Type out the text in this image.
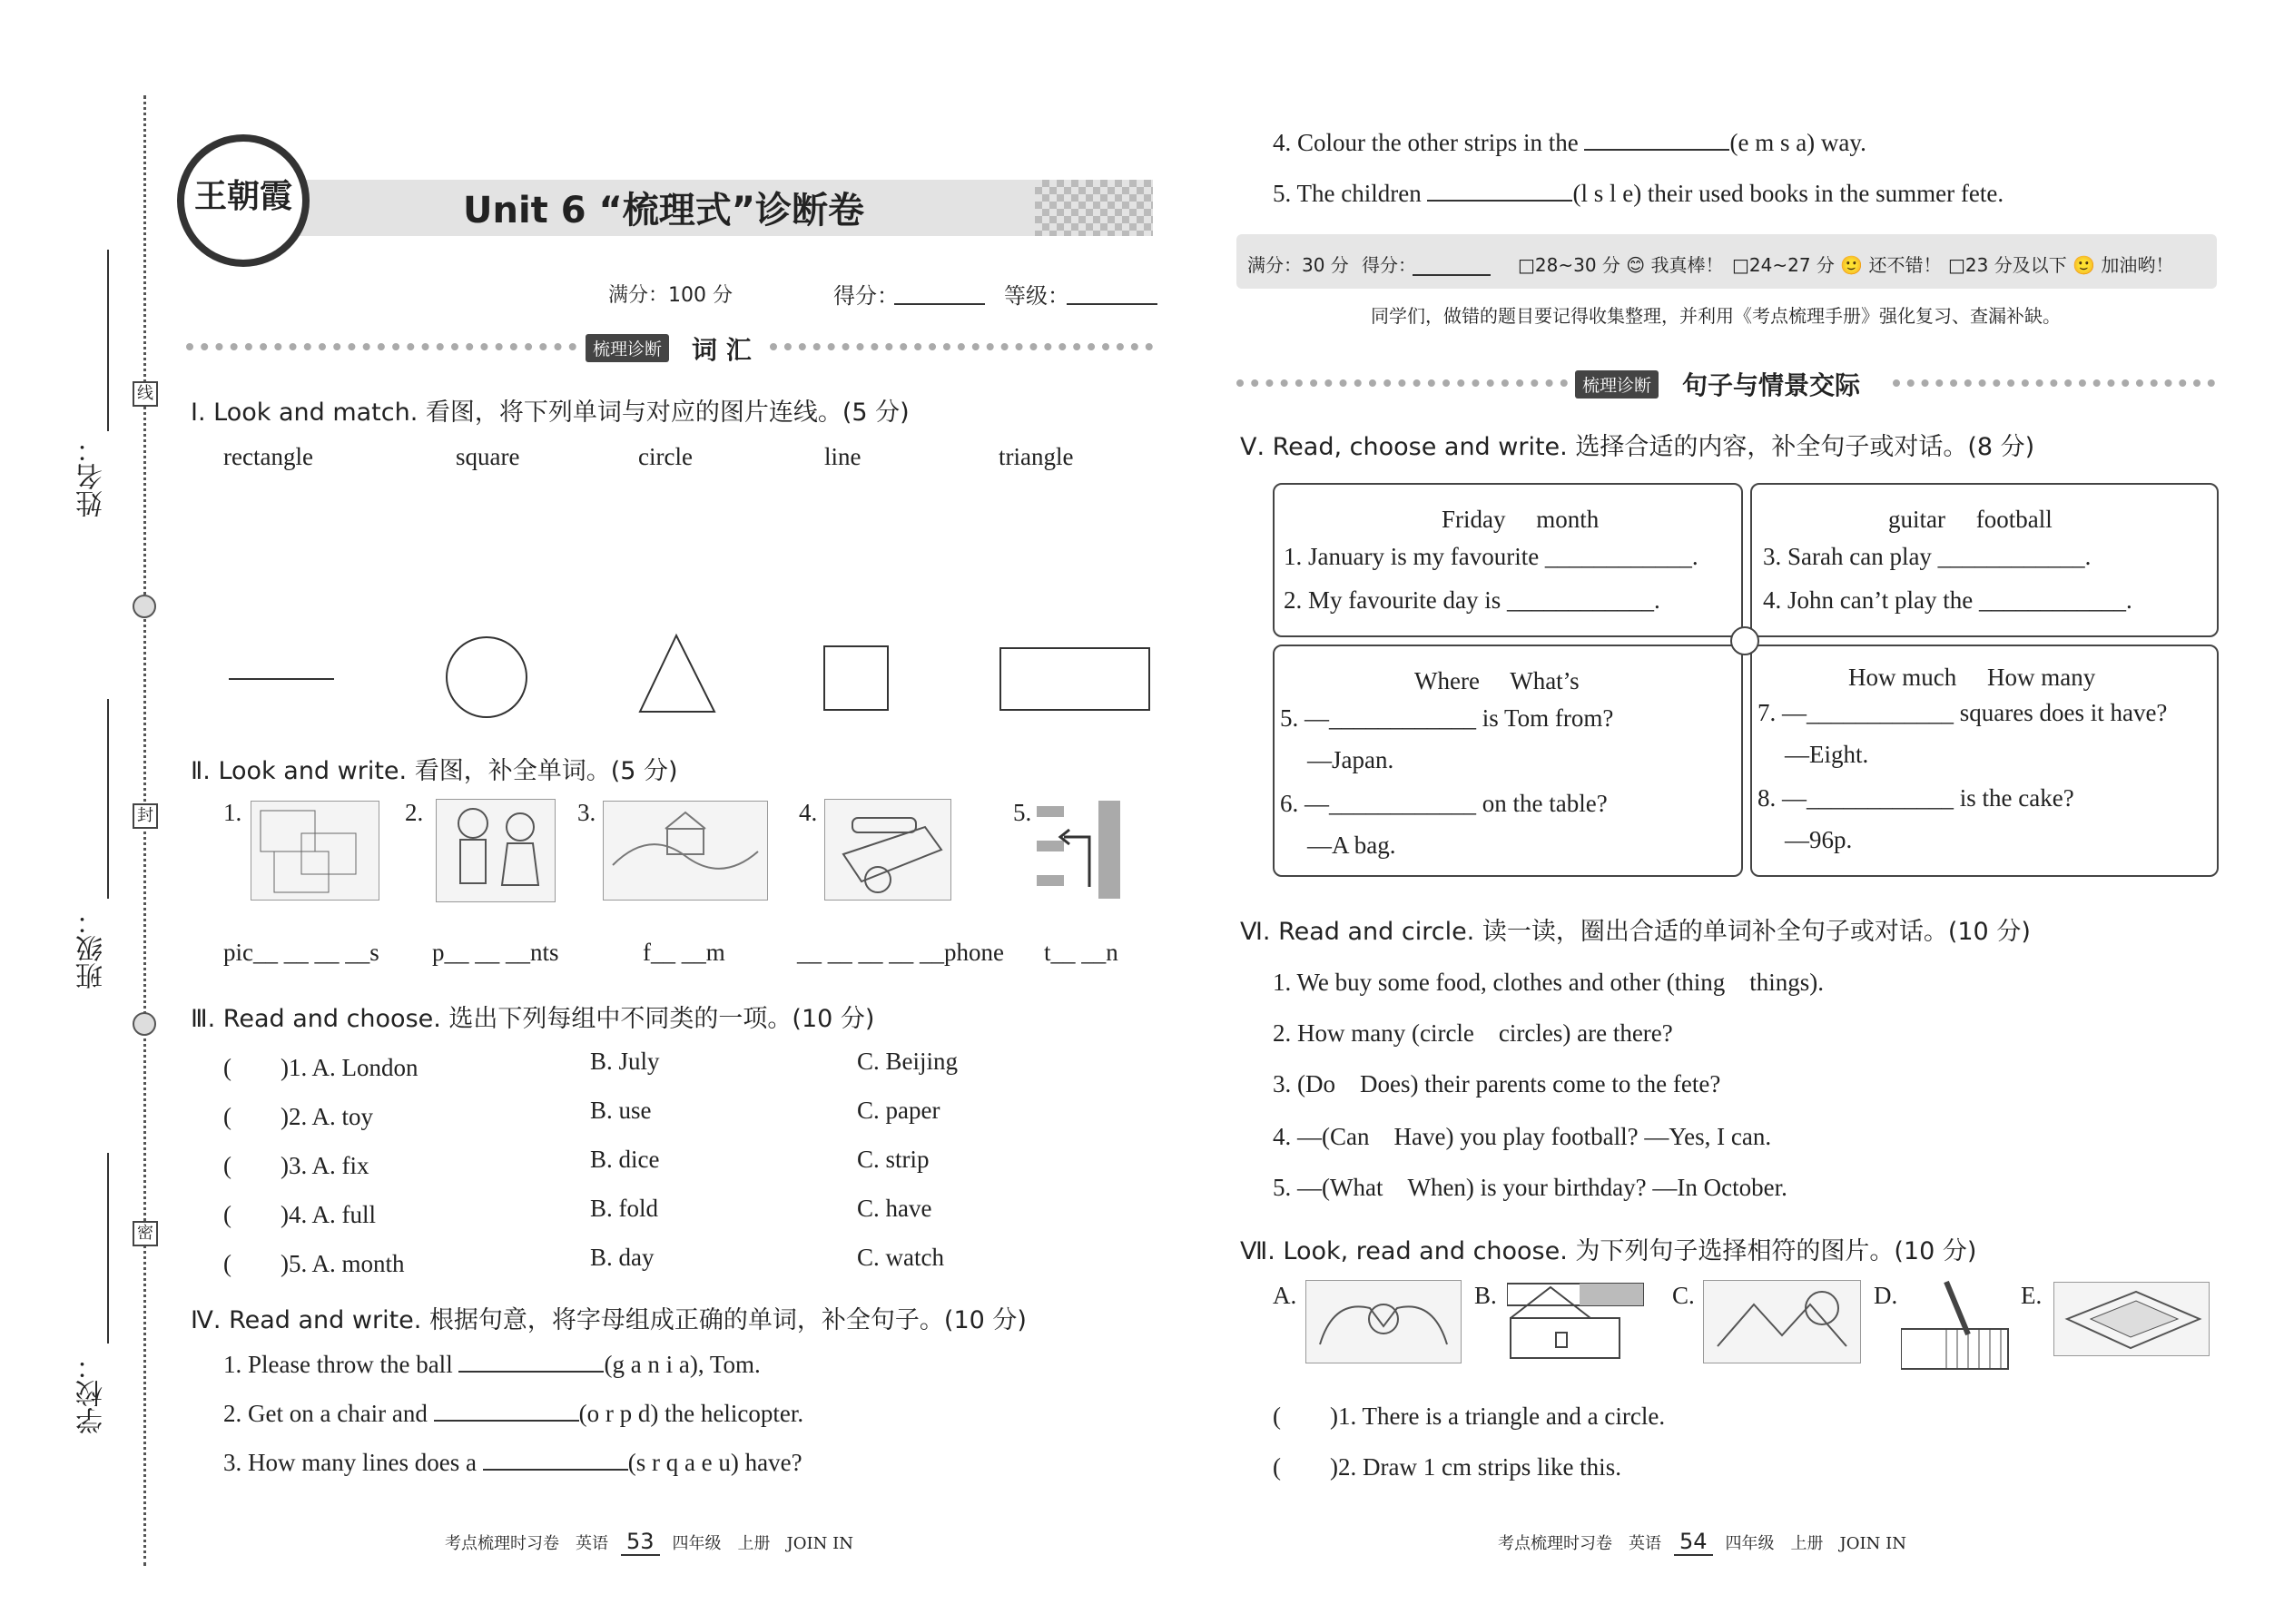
线
封
密
姓名：
班级：
学校：
王朝霞	Unit 6 “梳理式”诊断卷
满分：100 分	得分：	等级：
梳理诊断 词 汇
Ⅰ. Look and match. 看图，将下列单词与对应的图片连线。(5 分)
rectangle	square	circle	line	triangle
Ⅱ. Look and write. 看图，补全单词。(5 分)
1.	2.	3.	4.	5.
pic__ __ __ __s p__ __ __nts	f__ __m	__ __ __ __ __phone t__ __n
Ⅲ. Read and choose. 选出下列每组中不同类的一项。(10 分)
(　　)1. A. London	B. July	C. Beijing
(　　)2. A. toy	B. use	C. paper
(　　)3. A. fix	B. dice	C. strip
(　　)4. A. full	B. fold	C. have
(　　)5. A. month	B. day	C. watch
Ⅳ. Read and write. 根据句意，将字母组成正确的单词，补全句子。(10 分)
1. Please throw the ball	(g a n i a), Tom.
2. Get on a chair and	(o r p d) the helicopter.
3. How many lines does a	(s r q a e u) have?
考点梳理时习卷　英语 53 四年级　上册　JOIN IN
4. Colour the other strips in the	(e m s a) way.
5. The children	(l s l e) their used books in the summer fete.
满分：30 分 得分：	□28~30 分 😊 我真棒！ □24~27 分 🙂 还不错！ □23 分及以下 🙂 加油哟！
同学们，做错的题目要记得收集整理，并利用《考点梳理手册》强化复习、查漏补缺。
梳理诊断 句子与情景交际
Ⅴ. Read, choose and write. 选择合适的内容，补全句子或对话。(8 分)
Friday　 month
1. January is my favourite ____________.
2. My favourite day is ____________.
guitar　 football
3. Sarah can play ____________.
4. John can’t play the ____________.
Where　 What’s
5. —____________ is Tom from?
—Japan.
6. —____________ on the table?
—A bag.
How much　 How many
7. —____________ squares does it have?
—Eight.
8. —____________ is the cake?
—96p.
Ⅵ. Read and circle. 读一读，圈出合适的单词补全句子或对话。(10 分)
1. We buy some food, clothes and other (thing　things).
2. How many (circle　circles) are there?
3. (Do　Does) their parents come to the fete?
4. —(Can　Have) you play football? —Yes, I can.
5. —(What　When) is your birthday? —In October.
Ⅶ. Look, read and choose. 为下列句子选择相符的图片。(10 分)
A.	B.	C.	D.	E.
(　　)1. There is a triangle and a circle.
(　　)2. Draw 1 cm strips like this.
考点梳理时习卷　英语 54 四年级　上册　JOIN IN
